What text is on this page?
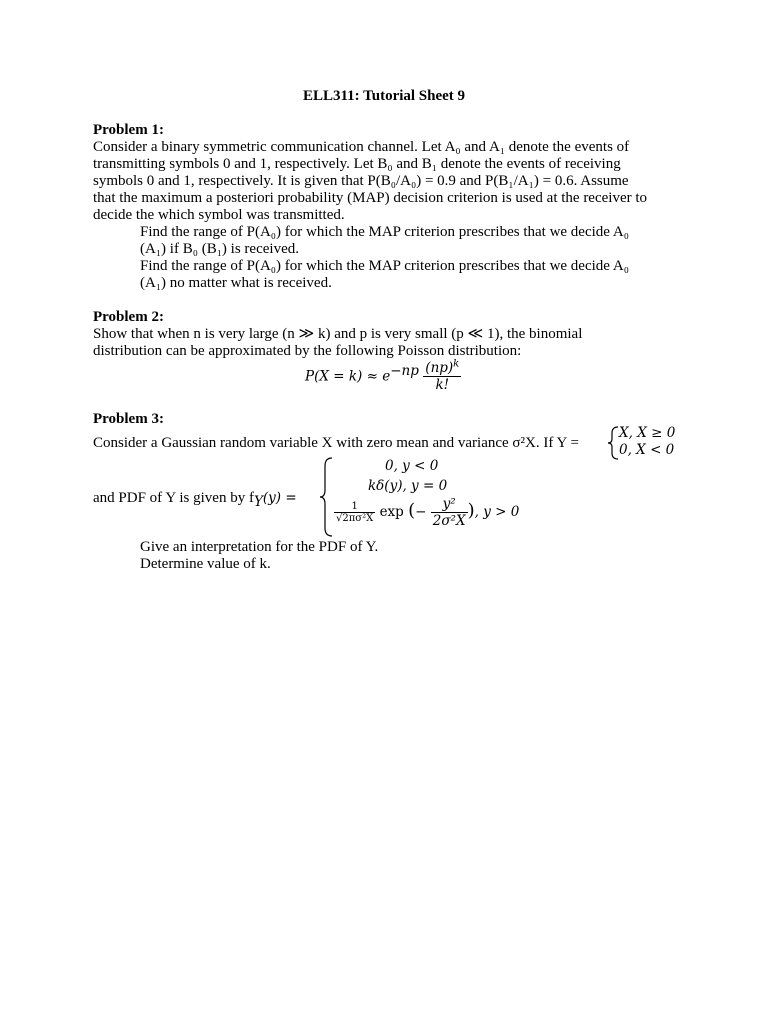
ELL311: Tutorial Sheet 9
Problem 1:
Consider a binary symmetric communication channel. Let A₀ and A₁ denote the events of
transmitting symbols 0 and 1, respectively. Let B₀ and B₁ denote the events of receiving
symbols 0 and 1, respectively. It is given that P(B₀/A₀) = 0.9 and P(B₁/A₁) = 0.6. Assume
that the maximum a posteriori probability (MAP) decision criterion is used at the receiver to
decide the which symbol was transmitted.
Find the range of P(A₀) for which the MAP criterion prescribes that we decide A₀
(A₁) if B₀ (B₁) is received.
Find the range of P(A₀) for which the MAP criterion prescribes that we decide A₀
(A₁) no matter what is received.
Problem 2:
Show that when n is very large (n ≫ k) and p is very small (p ≪ 1), the binomial
distribution can be approximated by the following Poisson distribution:
$P(X = k) \approx e^{-np} \frac{(np)^k}{k!}$
Problem 3:
Consider a Gaussian random variable X with zero mean and variance σ²X. If Y =
X, X ≥ 0
0, X < 0
and PDF of Y is given by $f_Y(y)$ =
0, y < 0
kδ(y), y = 0
$\frac{1}{\text{√2πσ²X}}$ exp (− $\frac{\text{y²}}{\text{2σ²X}}$ ), y > 0
Give an interpretation for the PDF of Y.
Determine value of k.
